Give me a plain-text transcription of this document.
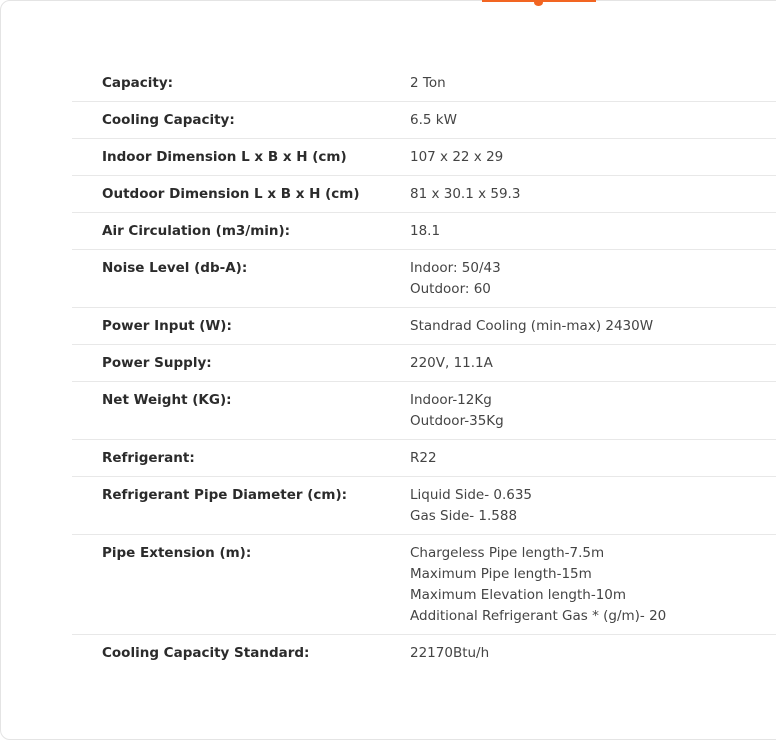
Capacity:	2 Ton

Cooling Capacity:	6.5 kW

Indoor Dimension L x B x H (cm)	107 x 22 x 29

Outdoor Dimension L x B x H (cm)	81 x 30.1 x 59.3

Air Circulation (m3/min):	18.1

Noise Level (db-A):	Indoor: 50/43
Outdoor: 60

Power Input (W):	Standrad Cooling (min-max) 2430W

Power Supply:	220V, 11.1A

Net Weight (KG):	Indoor-12Kg
Outdoor-35Kg

Refrigerant:	R22

Refrigerant Pipe Diameter (cm):	Liquid Side- 0.635
Gas Side- 1.588

Pipe Extension (m):	Chargeless Pipe length-7.5m
Maximum Pipe length-15m
Maximum Elevation length-10m
Additional Refrigerant Gas * (g/m)- 20

Cooling Capacity Standard:	22170Btu/h
